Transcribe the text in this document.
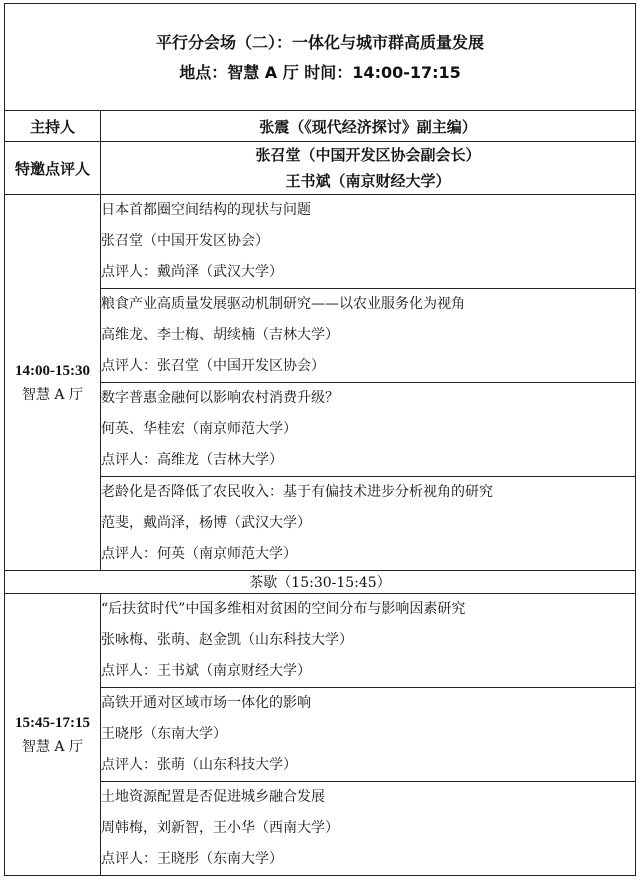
平行分会场（二）：一体化与城市群高质量发展
地点：智慧 A 厅 时间：14:00-17:15	

主持人	张震（《现代经济探讨》副主编）
特邀点评人	张召堂（中国开发区协会副会长）
王书斌（南京财经大学）

14:00-15:30
智慧 A 厅	日本首都圈空间结构的现状与问题
张召堂（中国开发区协会）
点评人：戴尚泽（武汉大学）

	粮食产业高质量发展驱动机制研究——以农业服务化为视角
高维龙、李士梅、胡续楠（吉林大学）
点评人：张召堂（中国开发区协会）

	数字普惠金融何以影响农村消费升级？
何英、华桂宏（南京师范大学）
点评人：高维龙（吉林大学）

	老龄化是否降低了农民收入：基于有偏技术进步分析视角的研究
范斐，戴尚泽，杨博（武汉大学）
点评人：何英（南京师范大学）

茶歇（15:30-15:45）	

15:45-17:15
智慧 A 厅	“后扶贫时代”中国多维相对贫困的空间分布与影响因素研究
张咏梅、张萌、赵金凯（山东科技大学）
点评人：王书斌（南京财经大学）

	高铁开通对区域市场一体化的影响
王晓彤（东南大学）
点评人：张萌（山东科技大学）

	土地资源配置是否促进城乡融合发展
周韩梅，刘新智，王小华（西南大学）
点评人：王晓彤（东南大学）
